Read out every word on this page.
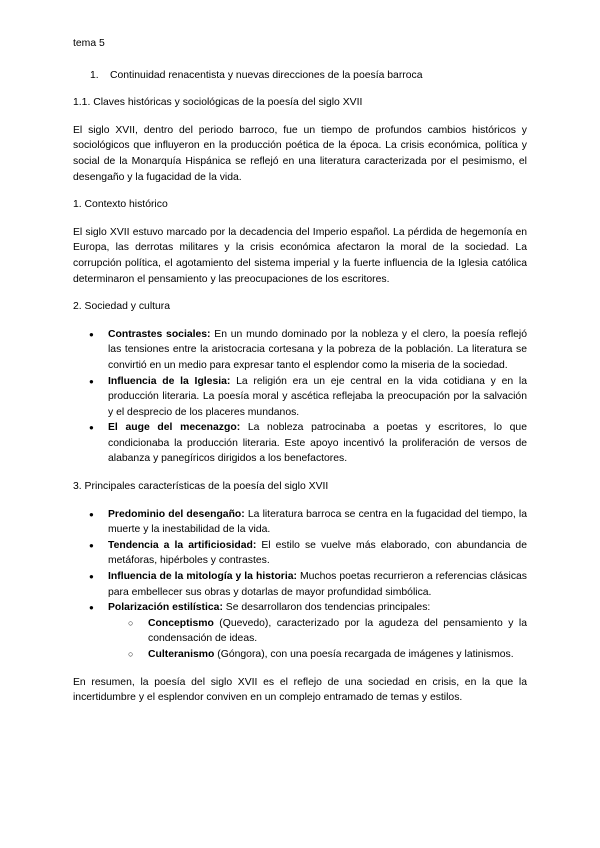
tema 5

1.	Continuidad renacentista y nuevas direcciones de la poesía barroca

1.1. Claves históricas y sociológicas de la poesía del siglo XVII

El siglo XVII, dentro del periodo barroco, fue un tiempo de profundos cambios históricos y sociológicos que influyeron en la producción poética de la época. La crisis económica, política y social de la Monarquía Hispánica se reflejó en una literatura caracterizada por el pesimismo, el desengaño y la fugacidad de la vida.

1. Contexto histórico

El siglo XVII estuvo marcado por la decadencia del Imperio español. La pérdida de hegemonía en Europa, las derrotas militares y la crisis económica afectaron la moral de la sociedad. La corrupción política, el agotamiento del sistema imperial y la fuerte influencia de la Iglesia católica determinaron el pensamiento y las preocupaciones de los escritores.

2. Sociedad y cultura

● Contrastes sociales: En un mundo dominado por la nobleza y el clero, la poesía reflejó las tensiones entre la aristocracia cortesana y la pobreza de la población. La literatura se convirtió en un medio para expresar tanto el esplendor como la miseria de la sociedad.
● Influencia de la Iglesia: La religión era un eje central en la vida cotidiana y en la producción literaria. La poesía moral y ascética reflejaba la preocupación por la salvación y el desprecio de los placeres mundanos.
● El auge del mecenazgo: La nobleza patrocinaba a poetas y escritores, lo que condicionaba la producción literaria. Este apoyo incentivó la proliferación de versos de alabanza y panegíricos dirigidos a los benefactores.

3. Principales características de la poesía del siglo XVII

● Predominio del desengaño: La literatura barroca se centra en la fugacidad del tiempo, la muerte y la inestabilidad de la vida.
● Tendencia a la artificiosidad: El estilo se vuelve más elaborado, con abundancia de metáforas, hipérboles y contrastes.
● Influencia de la mitología y la historia: Muchos poetas recurrieron a referencias clásicas para embellecer sus obras y dotarlas de mayor profundidad simbólica.
● Polarización estilística: Se desarrollaron dos tendencias principales:
○ Conceptismo (Quevedo), caracterizado por la agudeza del pensamiento y la condensación de ideas.
○ Culteranismo (Góngora), con una poesía recargada de imágenes y latinismos.

En resumen, la poesía del siglo XVII es el reflejo de una sociedad en crisis, en la que la incertidumbre y el esplendor conviven en un complejo entramado de temas y estilos.
